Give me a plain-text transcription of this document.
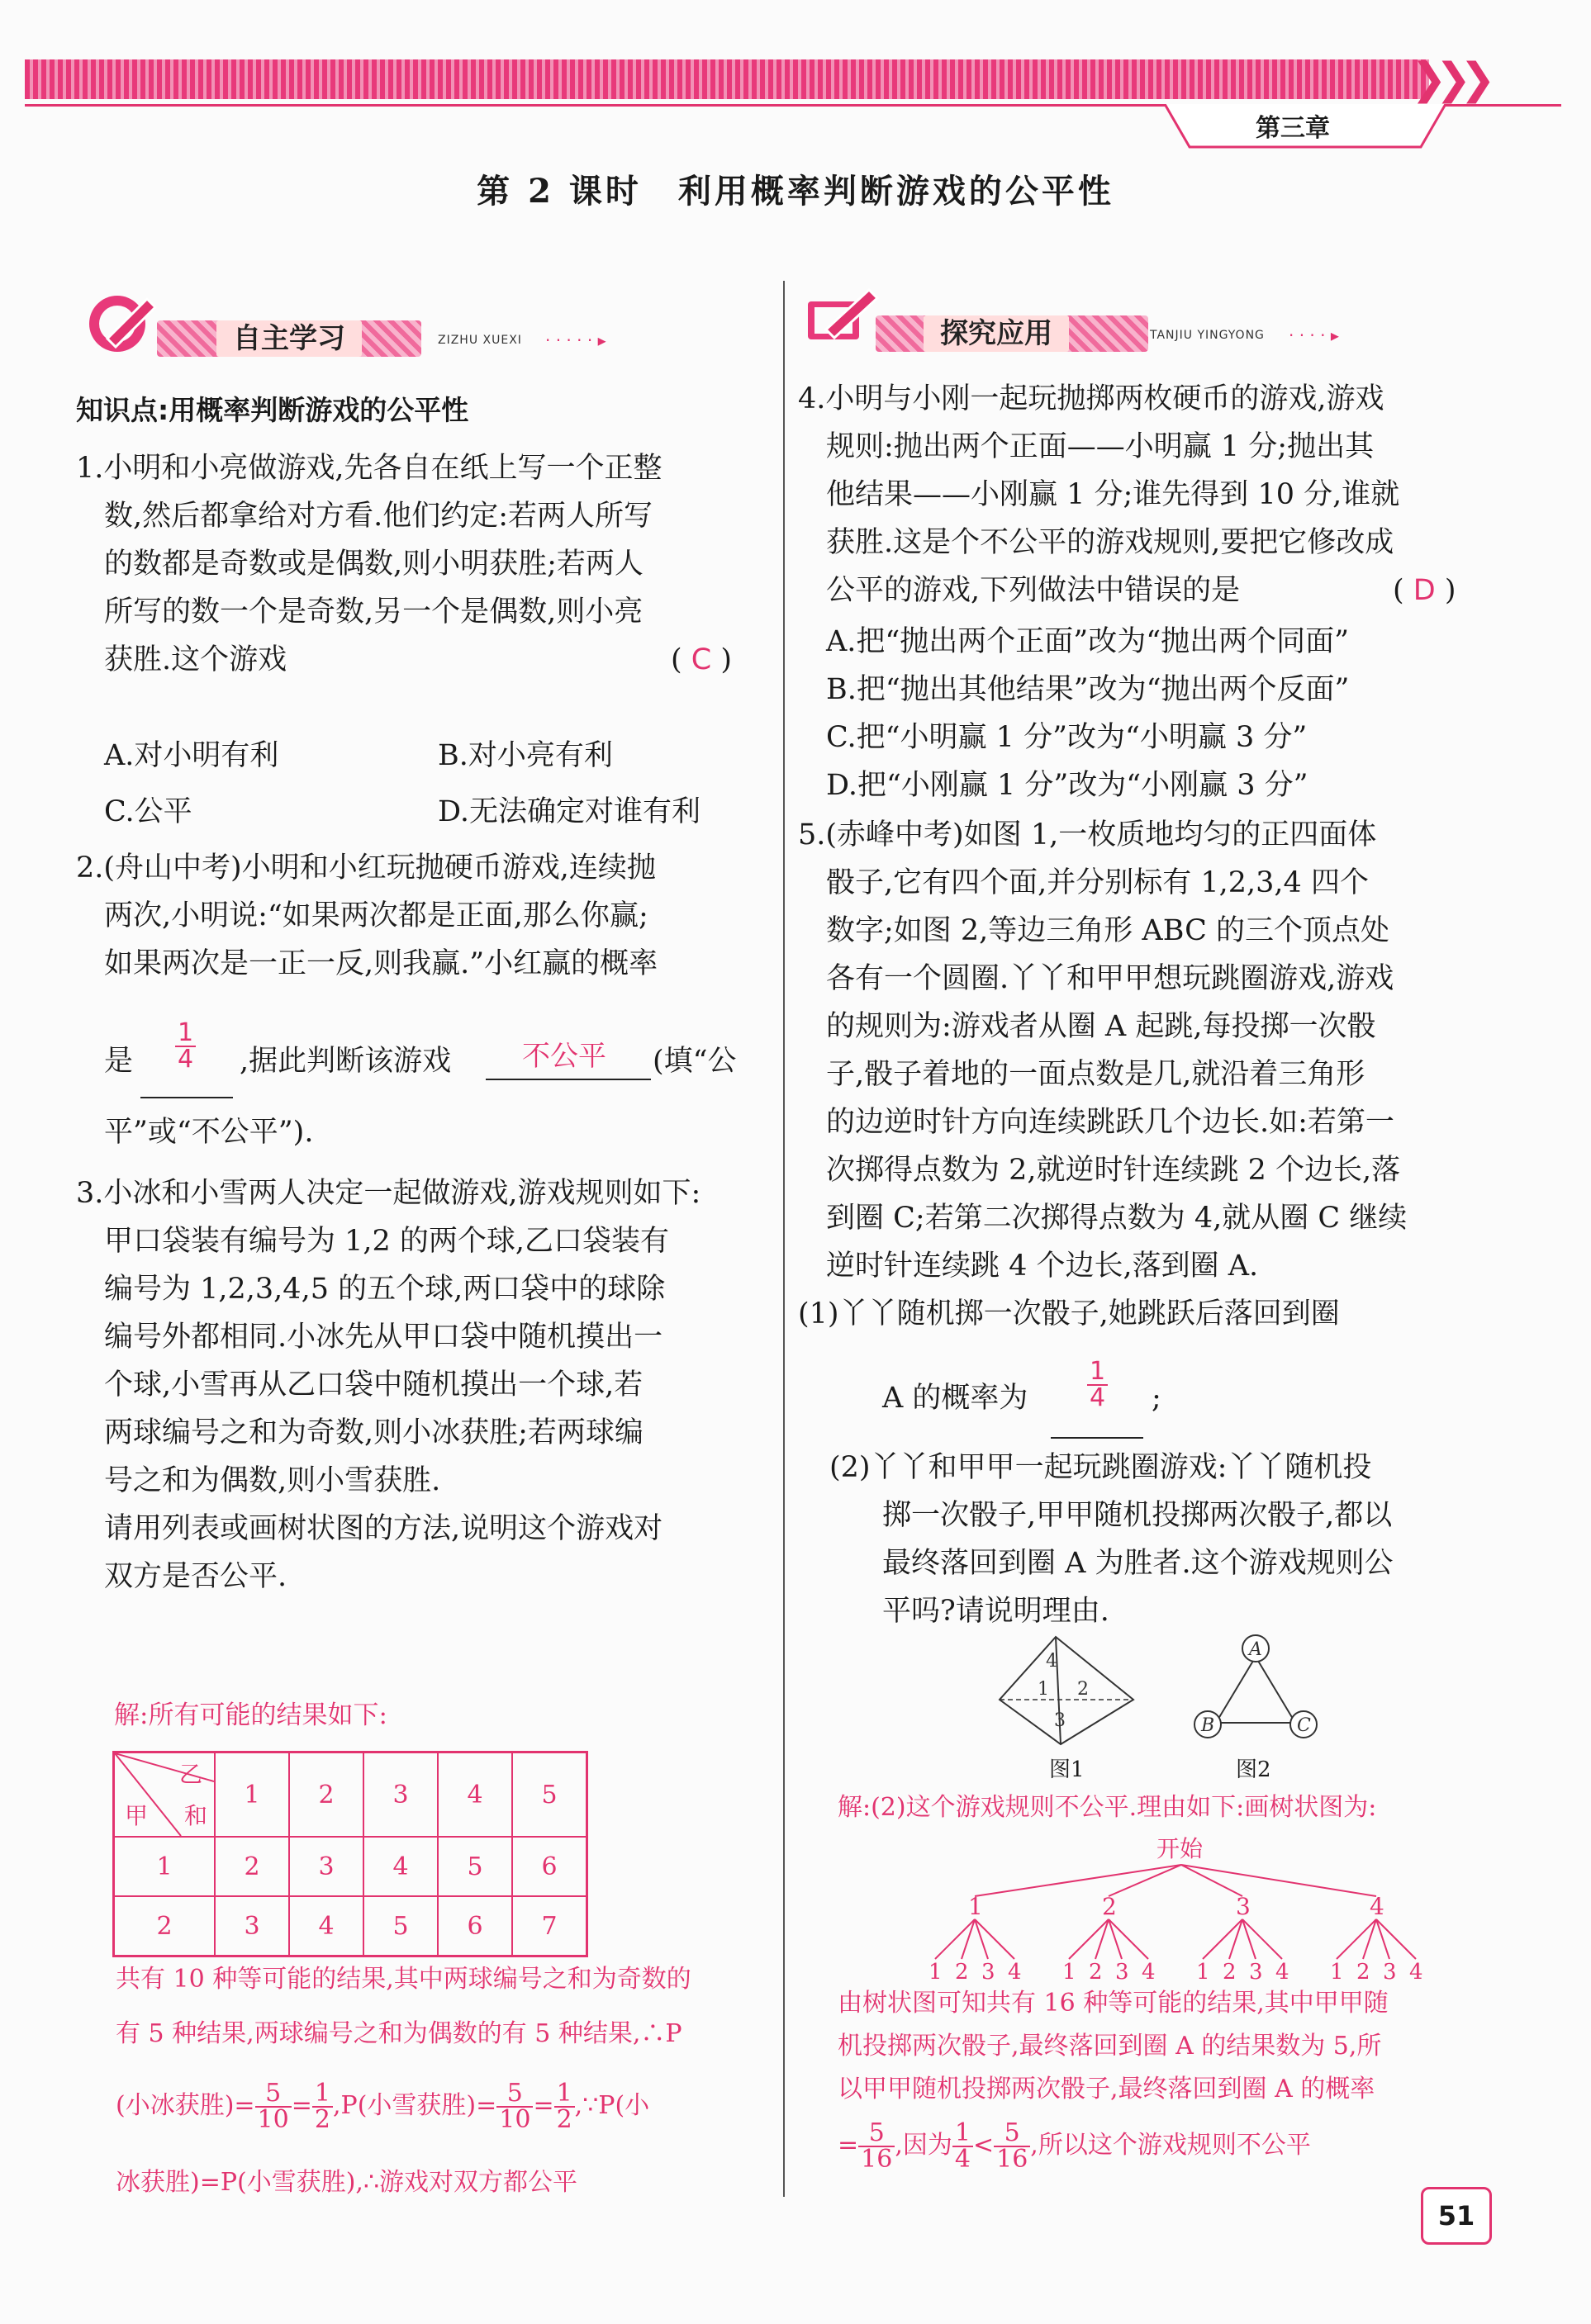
❯❯❯
第三章
第 2 课时　利用概率判断游戏的公平性
自主学习	ZIZHU XUEXI · · · · · ▸	探究应用	TANJIU YINGYONG · · · · ▸
知识点:用概率判断游戏的公平性
1.小明和小亮做游戏,先各自在纸上写一个正整
数,然后都拿给对方看.他们约定:若两人所写
的数都是奇数或是偶数,则小明获胜;若两人
所写的数一个是奇数,另一个是偶数,则小亮
获胜.这个游戏	( C )
A.对小明有利	B.对小亮有利
C.公平	D.无法确定对谁有利
2.(舟山中考)小明和小红玩抛硬币游戏,连续抛
两次,小明说:“如果两次都是正面,那么你赢;
如果两次是一正一反,则我赢.”小红赢的概率
是 $\frac{1}{4}$ ,据此判断该游戏	不公平 (填“公
平”或“不公平”).
3.小冰和小雪两人决定一起做游戏,游戏规则如下:
甲口袋装有编号为 1,2 的两个球,乙口袋装有
编号为 1,2,3,4,5 的五个球,两口袋中的球除
编号外都相同.小冰先从甲口袋中随机摸出一
个球,小雪再从乙口袋中随机摸出一个球,若
两球编号之和为奇数,则小冰获胜;若两球编
号之和为偶数,则小雪获胜.
请用列表或画树状图的方法,说明这个游戏对
双方是否公平.
解:所有可能的结果如下:
乙
甲 和	1	2	3	4	5
1	2	3	4	5	6
2	3	4	5	6	7
共有 10 种等可能的结果,其中两球编号之和为奇数的
有 5 种结果,两球编号之和为偶数的有 5 种结果,∴P
(小冰获胜)= $\frac{5}{10} = \frac{1}{2} ,P$(小雪获胜)= $\frac{5}{10} = \frac{1}{2}$ ,∵P(小
冰获胜)=P(小雪获胜),∴游戏对双方都公平
4.小明与小刚一起玩抛掷两枚硬币的游戏,游戏
规则:抛出两个正面——小明赢 1 分;抛出其
他结果——小刚赢 1 分;谁先得到 10 分,谁就
获胜.这是个不公平的游戏规则,要把它修改成
公平的游戏,下列做法中错误的是	( D )
A.把“抛出两个正面”改为“抛出两个同面”
B.把“抛出其他结果”改为“抛出两个反面”
C.把“小明赢 1 分”改为“小明赢 3 分”
D.把“小刚赢 1 分”改为“小刚赢 3 分”
5.(赤峰中考)如图 1,一枚质地均匀的正四面体
骰子,它有四个面,并分别标有 1,2,3,4 四个
数字;如图 2,等边三角形 ABC 的三个顶点处
各有一个圆圈.丫丫和甲甲想玩跳圈游戏,游戏
的规则为:游戏者从圈 A 起跳,每投掷一次骰
子,骰子着地的一面点数是几,就沿着三角形
的边逆时针方向连续跳跃几个边长.如:若第一
次掷得点数为 2,就逆时针连续跳 2 个边长,落
到圈 C;若第二次掷得点数为 4,就从圈 C 继续
逆时针连续跳 4 个边长,落到圈 A.
(1)丫丫随机掷一次骰子,她跳跃后落回到圈
A 的概率为 $\frac{1}{4}$ ;
(2)丫丫和甲甲一起玩跳圈游戏:丫丫随机投
掷一次骰子,甲甲随机投掷两次骰子,都以
最终落回到圈 A 为胜者.这个游戏规则公
平吗?请说明理由.
4
1 2
3
图1
A
B	C
图2
解:(2)这个游戏规则不公平.理由如下:画树状图为:
开始
1
1 2 3 4
2
1 2 3 4
3
1 2 3 4
4
1 2 3 4
由树状图可知共有 16 种等可能的结果,其中甲甲随
机投掷两次骰子,最终落回到圈 A 的结果数为 5,所
以甲甲随机投掷两次骰子,最终落回到圈 A 的概率
= $\frac{5}{16}$ ,因为 $\frac{1}{4} < \frac{5}{16}$ ,所以这个游戏规则不公平
51
